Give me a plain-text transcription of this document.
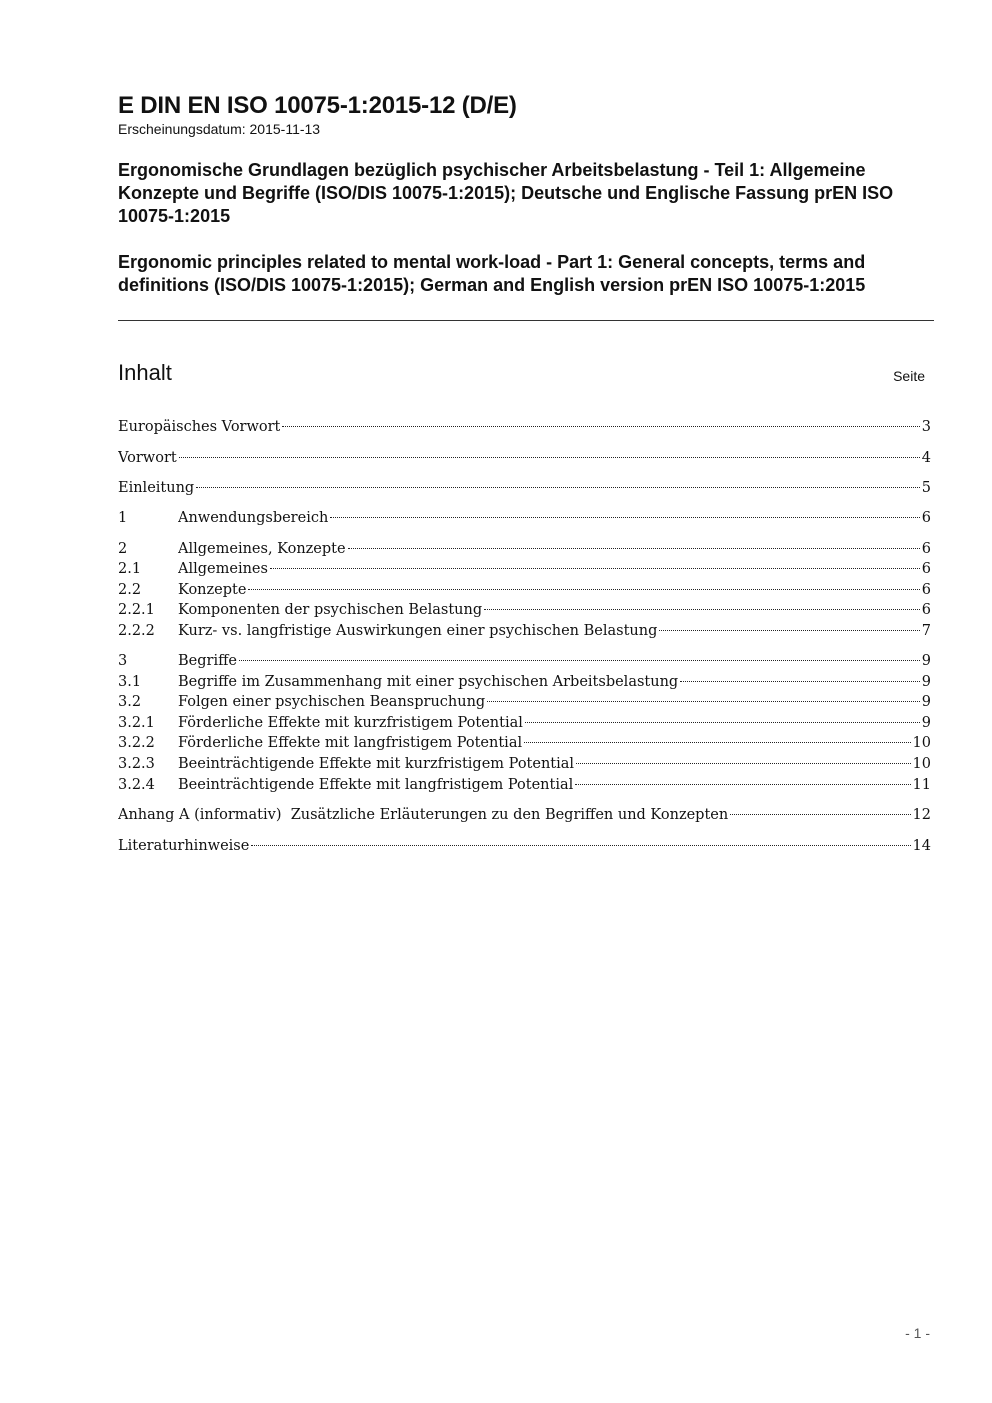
E DIN EN ISO 10075-1:2015-12 (D/E)
Erscheinungsdatum: 2015-11-13
Ergonomische Grundlagen bezüglich psychischer Arbeitsbelastung - Teil 1: Allgemeine Konzepte und Begriffe (ISO/DIS 10075-1:2015); Deutsche und Englische Fassung prEN ISO 10075-1:2015
Ergonomic principles related to mental work-load - Part 1: General concepts, terms and definitions (ISO/DIS 10075-1:2015); German and English version prEN ISO 10075-1:2015
Inhalt	Seite
Europäisches Vorwort	3
Vorwort	4
Einleitung	5
1	Anwendungsbereich	6
2	Allgemeines, Konzepte	6
2.1	Allgemeines	6
2.2	Konzepte	6
2.2.1	Komponenten der psychischen Belastung	6
2.2.2	Kurz- vs. langfristige Auswirkungen einer psychischen Belastung	7
3	Begriffe	9
3.1	Begriffe im Zusammenhang mit einer psychischen Arbeitsbelastung	9
3.2	Folgen einer psychischen Beanspruchung	9
3.2.1	Förderliche Effekte mit kurzfristigem Potential	9
3.2.2	Förderliche Effekte mit langfristigem Potential	10
3.2.3	Beeinträchtigende Effekte mit kurzfristigem Potential	10
3.2.4	Beeinträchtigende Effekte mit langfristigem Potential	11
Anhang A (informativ)  Zusätzliche Erläuterungen zu den Begriffen und Konzepten	12
Literaturhinweise	14
- 1 -
